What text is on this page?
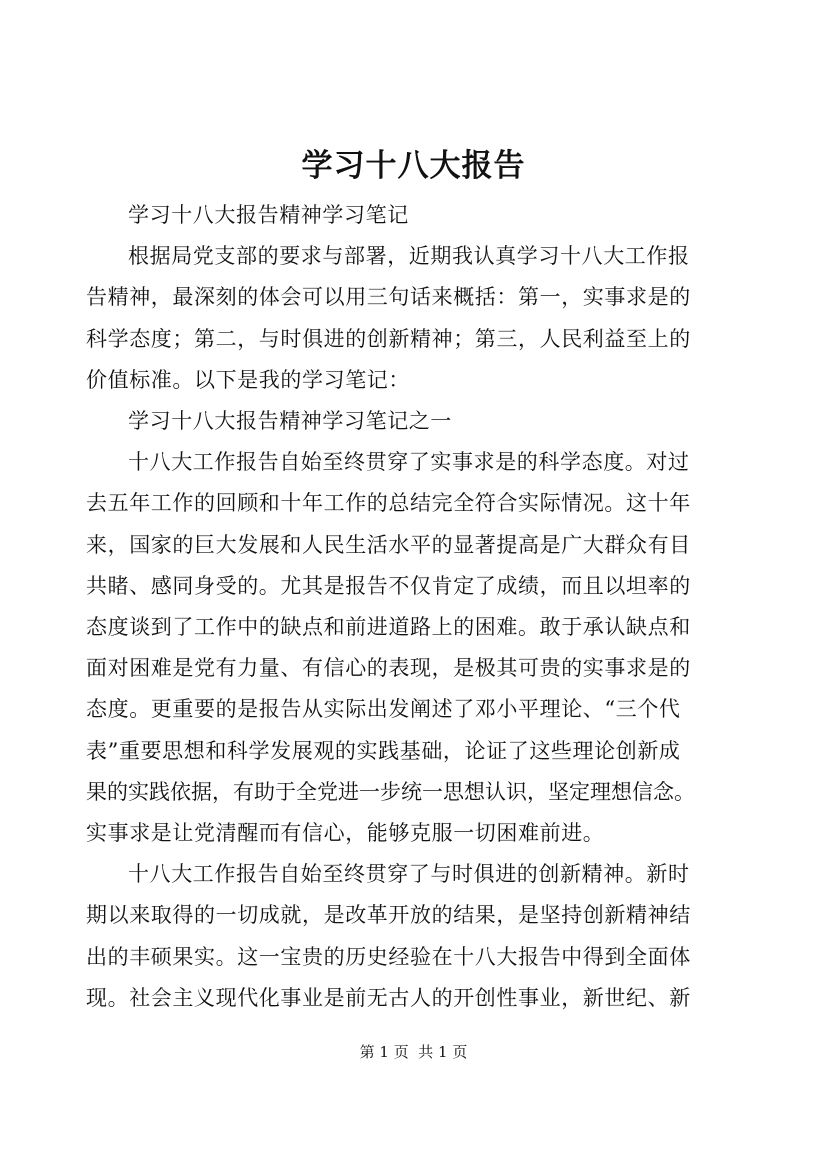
学习十八大报告

学习十八大报告精神学习笔记

根据局党支部的要求与部署，近期我认真学习十八大工作报
告精神，最深刻的体会可以用三句话来概括：第一，实事求是的
科学态度；第二，与时俱进的创新精神；第三，人民利益至上的
价值标准。以下是我的学习笔记：

学习十八大报告精神学习笔记之一

十八大工作报告自始至终贯穿了实事求是的科学态度。对过
去五年工作的回顾和十年工作的总结完全符合实际情况。这十年
来，国家的巨大发展和人民生活水平的显著提高是广大群众有目
共睹、感同身受的。尤其是报告不仅肯定了成绩，而且以坦率的
态度谈到了工作中的缺点和前进道路上的困难。敢于承认缺点和
面对困难是党有力量、有信心的表现，是极其可贵的实事求是的
态度。更重要的是报告从实际出发阐述了邓小平理论、“三个代
表”重要思想和科学发展观的实践基础，论证了这些理论创新成
果的实践依据，有助于全党进一步统一思想认识，坚定理想信念。
实事求是让党清醒而有信心，能够克服一切困难前进。

十八大工作报告自始至终贯穿了与时俱进的创新精神。新时
期以来取得的一切成就，是改革开放的结果，是坚持创新精神结
出的丰硕果实。这一宝贵的历史经验在十八大报告中得到全面体
现。社会主义现代化事业是前无古人的开创性事业，新世纪、新

第 1 页  共 1 页
